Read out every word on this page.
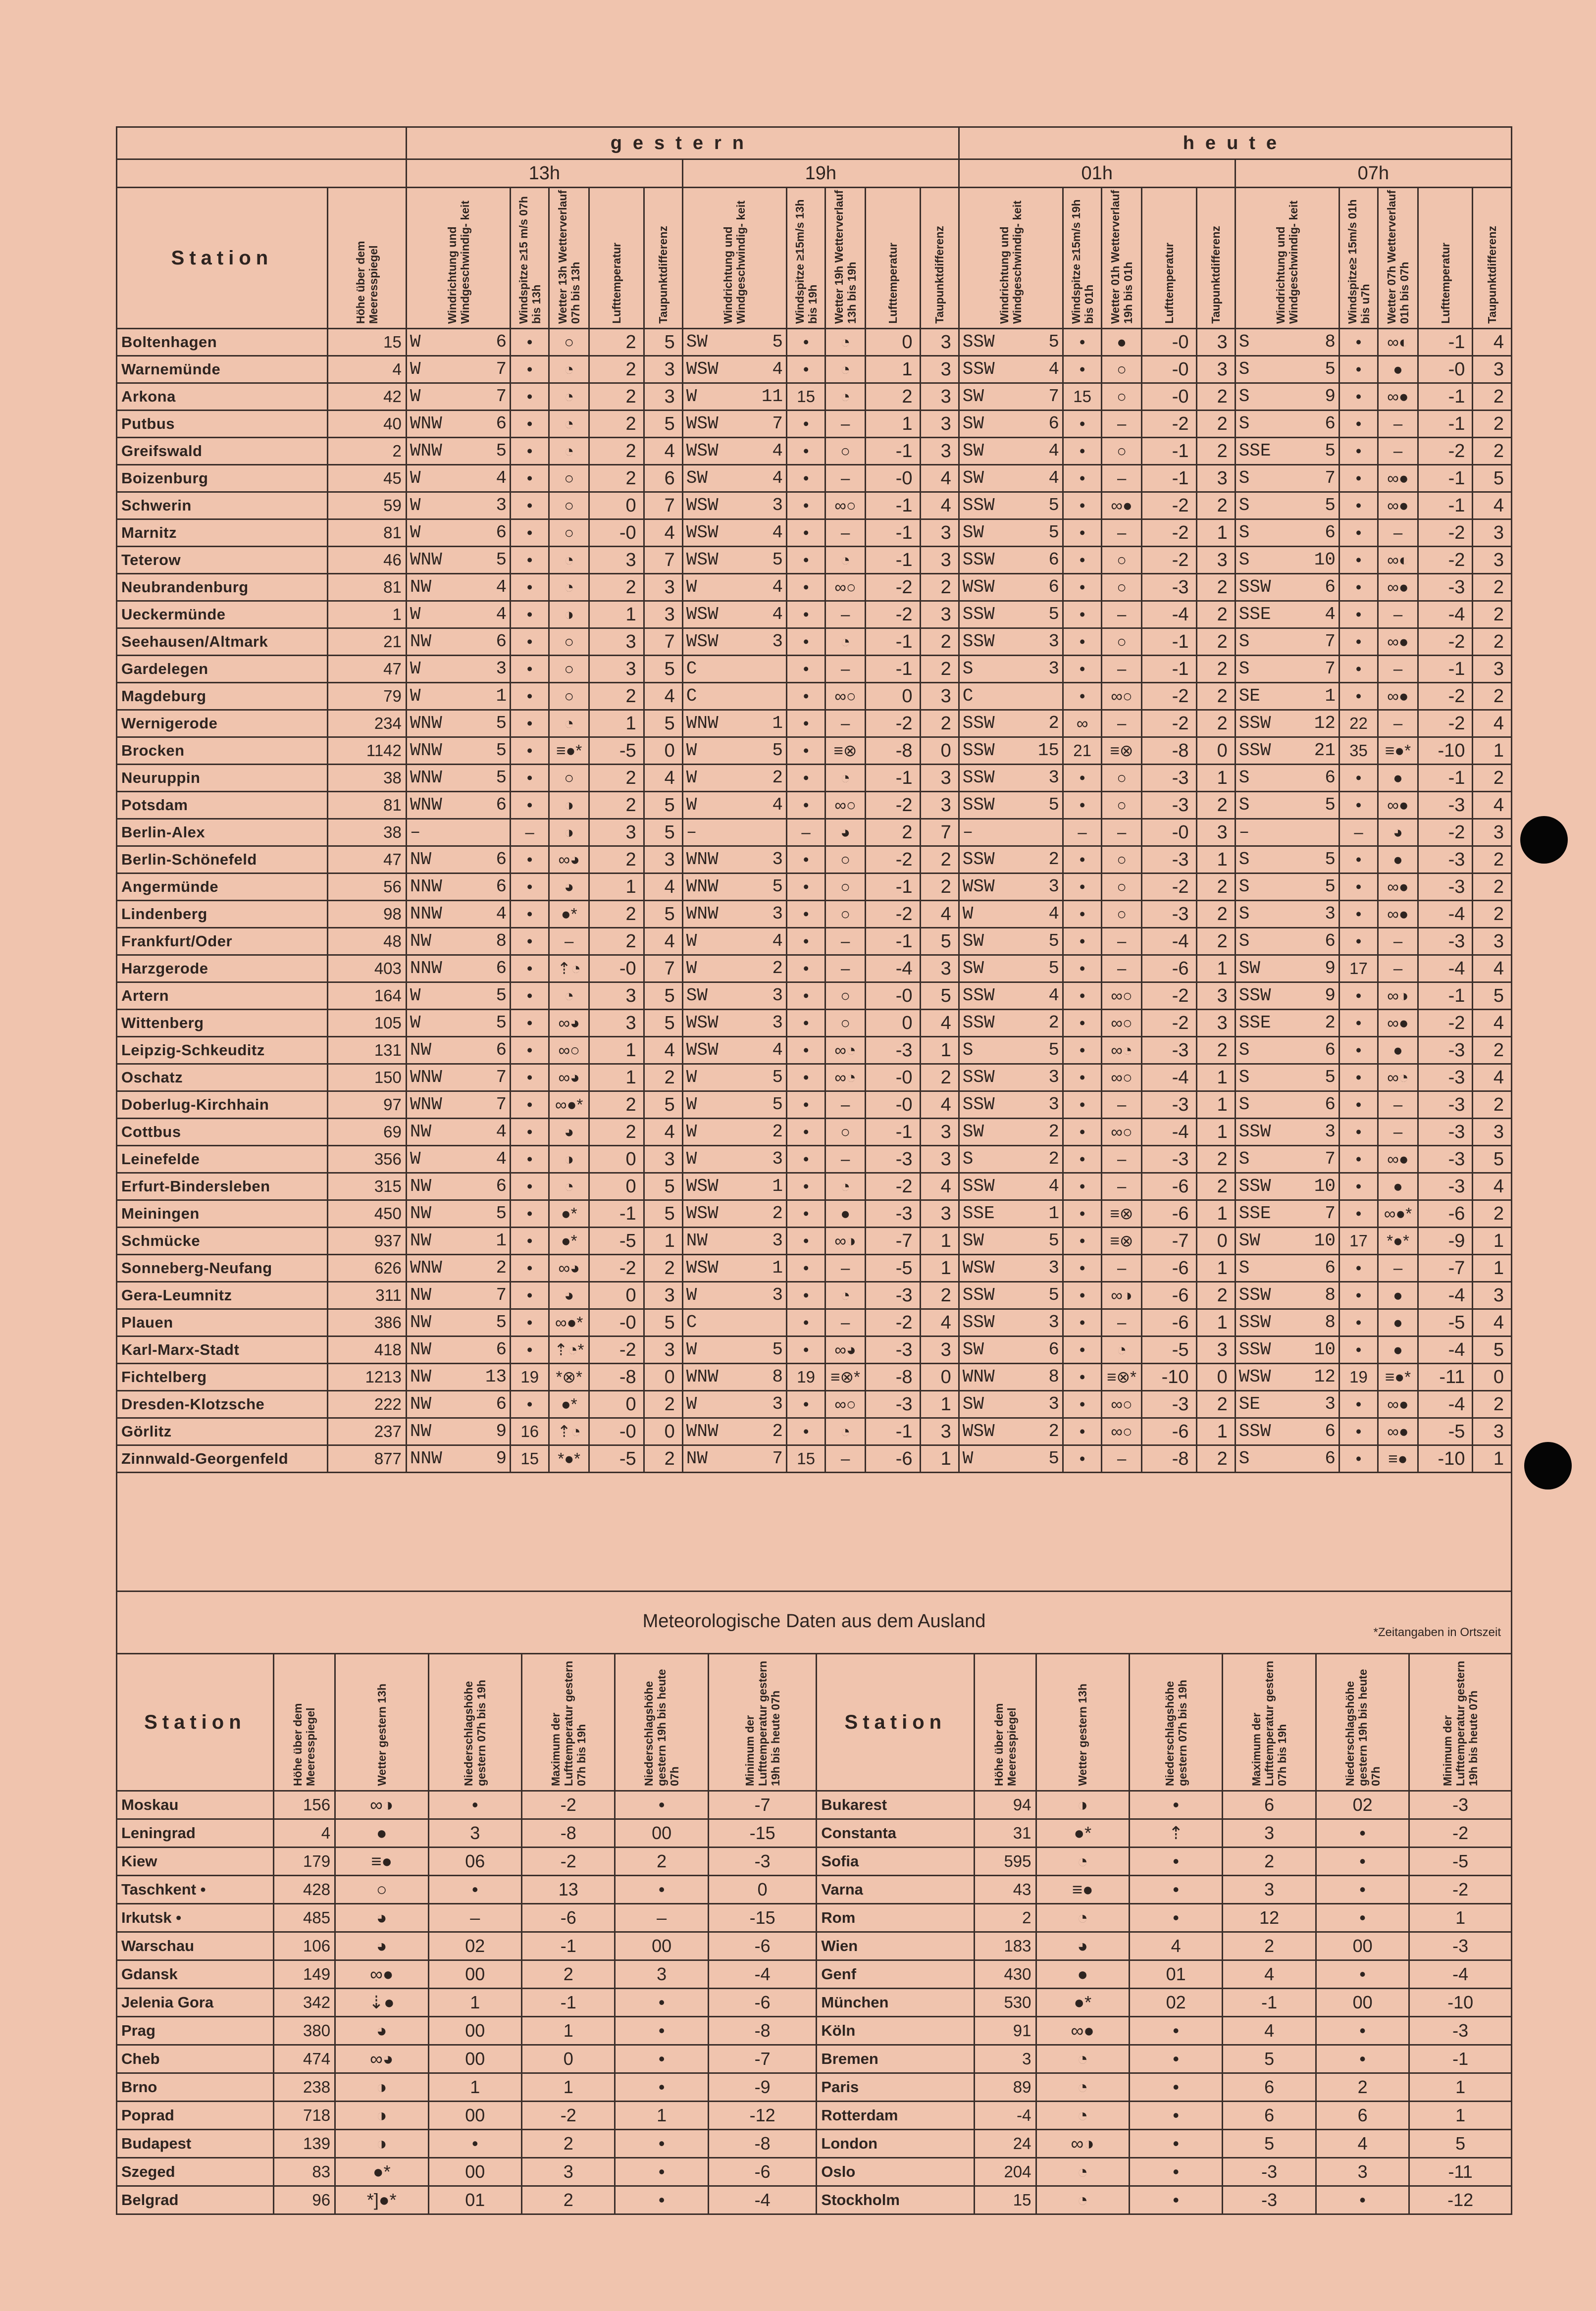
		gestern										heute									
		13h					19h					01h					07h				
Station	Höhe über dem Meeresspiegel	Windrichtung und Windgeschwindig- keit	Windspitze ≥15 m/s 07h bis 13h	Wetter 13h Wetterverlauf 07h bis 13h	Lufttemperatur	Taupunktdifferenz	Windrichtung und Windgeschwindig- keit	Windspitze ≥15m/s 13h bis 19h	Wetter 19h Wetterverlauf 13h bis 19h	Lufttemperatur	Taupunktdifferenz	Windrichtung und Windgeschwindig- keit	Windspitze ≥15m/s 19h bis 01h	Wetter 01h Wetterverlauf 19h bis 01h	Lufttemperatur	Taupunktdifferenz	Windrichtung und Windgeschwindig- keit	Windspitze≥ 15m/s 01h bis u7h	Wetter 07h Wetterverlauf 01h bis 07h	Lufttemperatur	Taupunktdifferenz

Boltenhagen	15	W 6	•	○	2	5	SW 5	•	◔	0	3	SSW 5	•	●	-0	3	S 8	•	∞◐	-1	4
Warnemünde	4	W 7	•	◔	2	3	WSW 4	•	◔	1	3	SSW 4	•	○	-0	3	S 5	•	●	-0	3
Arkona	42	W 7	•	◔	2	3	W 11	15	◔	2	3	SW 7	15	○	-0	2	S 9	•	∞●	-1	2
Putbus	40	WNW 6	•	◔	2	5	WSW 7	•	–	1	3	SW 6	•	–	-2	2	S 6	•	–	-1	2
Greifswald	2	WNW 5	•	◔	2	4	WSW 4	•	○	-1	3	SW 4	•	○	-1	2	SSE 5	•	–	-2	2
Boizenburg	45	W 4	•	○	2	6	SW 4	•	–	-0	4	SW 4	•	–	-1	3	S 7	•	∞●	-1	5
Schwerin	59	W 3	•	○	0	7	WSW 3	•	∞○	-1	4	SSW 5	•	∞●	-2	2	S 5	•	∞●	-1	4
Marnitz	81	W 6	•	○	-0	4	WSW 4	•	–	-1	3	SW 5	•	–	-2	1	S 6	•	–	-2	3
Teterow	46	WNW 5	•	◔	3	7	WSW 5	•	◔	-1	3	SSW 6	•	○	-2	3	S 10	•	∞◐	-2	3
Neubrandenburg	81	NW 4	•	◔	2	3	W 4	•	∞○	-2	2	WSW 6	•	○	-3	2	SSW 6	•	∞●	-3	2
Ueckermünde	1	W 4	•	◑	1	3	WSW 4	•	–	-2	3	SSW 5	•	–	-4	2	SSE 4	•	–	-4	2
Seehausen/Altmark	21	NW 6	•	○	3	7	WSW 3	•	◔	-1	2	SSW 3	•	○	-1	2	S 7	•	∞●	-2	2
Gardelegen	47	W 3	•	○	3	5	C	•	–	-1	2	S 3	•	–	-1	2	S 7	•	–	-1	3
Magdeburg	79	W 1	•	○	2	4	C	•	∞○	0	3	C	•	∞○	-2	2	SE 1	•	∞●	-2	2
Wernigerode	234	WNW 5	•	◔	1	5	WNW 1	•	–	-2	2	SSW 2	∞	–	-2	2	SSW 12	22	–	-2	4
Brocken	1142	WNW 5	•	≡●*	-5	0	W 5	•	≡⊗	-8	0	SSW 15	21	≡⊗	-8	0	SSW 21	35	≡●*	-10	1
Neuruppin	38	WNW 5	•	○	2	4	W 2	•	◔	-1	3	SSW 3	•	○	-3	1	S 6	•	●	-1	2
Potsdam	81	WNW 6	•	◑	2	5	W 4	•	∞○	-2	3	SSW 5	•	○	-3	2	S 5	•	∞●	-3	4
Berlin-Alex	38	–	–	◑	3	5	–	–	◕	2	7	–	–	–	-0	3	–	–	◕	-2	3
Berlin-Schönefeld	47	NW 6	•	∞◕	2	3	WNW 3	•	○	-2	2	SSW 2	•	○	-3	1	S 5	•	●	-3	2
Angermünde	56	NNW 6	•	◕	1	4	WNW 5	•	○	-1	2	WSW 3	•	○	-2	2	S 5	•	∞●	-3	2
Lindenberg	98	NNW 4	•	●*	2	5	WNW 3	•	○	-2	4	W 4	•	○	-3	2	S 3	•	∞●	-4	2
Frankfurt/Oder	48	NW 8	•	–	2	4	W 4	•	–	-1	5	SW 5	•	–	-4	2	S 6	•	–	-3	3
Harzgerode	403	NNW 6	•	⇡◔	-0	7	W 2	•	–	-4	3	SW 5	•	–	-6	1	SW 9	17	–	-4	4
Artern	164	W 5	•	◔	3	5	SW 3	•	○	-0	5	SSW 4	•	∞○	-2	3	SSW 9	•	∞◑	-1	5
Wittenberg	105	W 5	•	∞◕	3	5	WSW 3	•	○	0	4	SSW 2	•	∞○	-2	3	SSE 2	•	∞●	-2	4
Leipzig-Schkeuditz	131	NW 6	•	∞○	1	4	WSW 4	•	∞◔	-3	1	S 5	•	∞◔	-3	2	S 6	•	●	-3	2
Oschatz	150	WNW 7	•	∞◕	1	2	W 5	•	∞◔	-0	2	SSW 3	•	∞○	-4	1	S 5	•	∞◔	-3	4
Doberlug-Kirchhain	97	WNW 7	•	∞●*	2	5	W 5	•	–	-0	4	SSW 3	•	–	-3	1	S 6	•	–	-3	2
Cottbus	69	NW 4	•	◕	2	4	W 2	•	○	-1	3	SW 2	•	∞○	-4	1	SSW 3	•	–	-3	3
Leinefelde	356	W 4	•	◑	0	3	W 3	•	–	-3	3	S 2	•	–	-3	2	S 7	•	∞●	-3	5
Erfurt-Bindersleben	315	NW 6	•	◔	0	5	WSW 1	•	◔	-2	4	SSW 4	•	–	-6	2	SSW 10	•	●	-3	4
Meiningen	450	NW 5	•	●*	-1	5	WSW 2	•	●	-3	3	SSE 1	•	≡⊗	-6	1	SSE 7	•	∞●*	-6	2
Schmücke	937	NW 1	•	●*	-5	1	NW 3	•	∞◑	-7	1	SW 5	•	≡⊗	-7	0	SW 10	17	*●*	-9	1
Sonneberg-Neufang	626	WNW 2	•	∞◕	-2	2	WSW 1	•	–	-5	1	WSW 3	•	–	-6	1	S 6	•	–	-7	1
Gera-Leumnitz	311	NW 7	•	◕	0	3	W 3	•	◔	-3	2	SSW 5	•	∞◑	-6	2	SSW 8	•	●	-4	3
Plauen	386	NW 5	•	∞●*	-0	5	C	•	–	-2	4	SSW 3	•	–	-6	1	SSW 8	•	●	-5	4
Karl-Marx-Stadt	418	NW 6	•	⇡◔*	-2	3	W 5	•	∞◕	-3	3	SW 6	•	◔	-5	3	SSW 10	•	●	-4	5
Fichtelberg	1213	NW 13	19	*⊗*	-8	0	WNW 8	19	≡⊗*	-8	0	WNW 8	•	≡⊗*	-10	0	WSW 12	19	≡●*	-11	0
Dresden-Klotzsche	222	NW 6	•	●*	0	2	W 3	•	∞○	-3	1	SW 3	•	∞○	-3	2	SE 3	•	∞●	-4	2
Görlitz	237	NW 9	16	⇡◔	-0	0	WNW 2	•	◔	-1	3	WSW 2	•	∞○	-6	1	SSW 6	•	∞●	-5	3
Zinnwald-Georgenfeld	877	NNW 9	15	*●*	-5	2	NW 7	15	–	-6	1	W 5	•	–	-8	2	S 6	•	≡●	-10	1
Meteorologische Daten aus dem Ausland
*Zeitangaben in Ortszeit
Station	Höhe über dem Meeresspiegel	Wetter gestern 13h	Niederschlagshöhe gestern 07h bis 19h	Maximum der Lufttemperatur gestern 07h bis 19h	Niederschlagshöhe gestern 19h bis heute 07h	Minimum der Lufttemperatur gestern 19h bis heute 07h	Station	Höhe über dem Meeresspiegel	Wetter gestern 13h	Niederschlagshöhe gestern 07h bis 19h	Maximum der Lufttemperatur gestern 07h bis 19h	Niederschlagshöhe gestern 19h bis heute 07h	Minimum der Lufttemperatur gestern 19h bis heute 07h

Moskau	156	∞◑	•	-2	•	-7	Bukarest	94	◑	•	6	02	-3
Leningrad	4	●	3	-8	00	-15	Constanta	31	●*	⇡	3	•	-2
Kiew	179	≡●	06	-2	2	-3	Sofia	595	◔	•	2	•	-5
Taschkent •	428	○	•	13	•	0	Varna	43	≡●	•	3	•	-2
Irkutsk •	485	◕	–	-6	–	-15	Rom	2	◔	•	12	•	1
Warschau	106	◕	02	-1	00	-6	Wien	183	◕	4	2	00	-3
Gdansk	149	∞●	00	2	3	-4	Genf	430	●	01	4	•	-4
Jelenia Gora	342	⇣●	1	-1	•	-6	München	530	●*	02	-1	00	-10
Prag	380	◕	00	1	•	-8	Köln	91	∞●	•	4	•	-3
Cheb	474	∞◕	00	0	•	-7	Bremen	3	◔	•	5	•	-1
Brno	238	◑	1	1	•	-9	Paris	89	◔	•	6	2	1
Poprad	718	◑	00	-2	1	-12	Rotterdam	-4	◔	•	6	6	1
Budapest	139	◑	•	2	•	-8	London	24	∞◑	•	5	4	5
Szeged	83	●*	00	3	•	-6	Oslo	204	◔	•	-3	3	-11
Belgrad	96	*]●*	01	2	•	-4	Stockholm	15	◔	•	-3	•	-12
